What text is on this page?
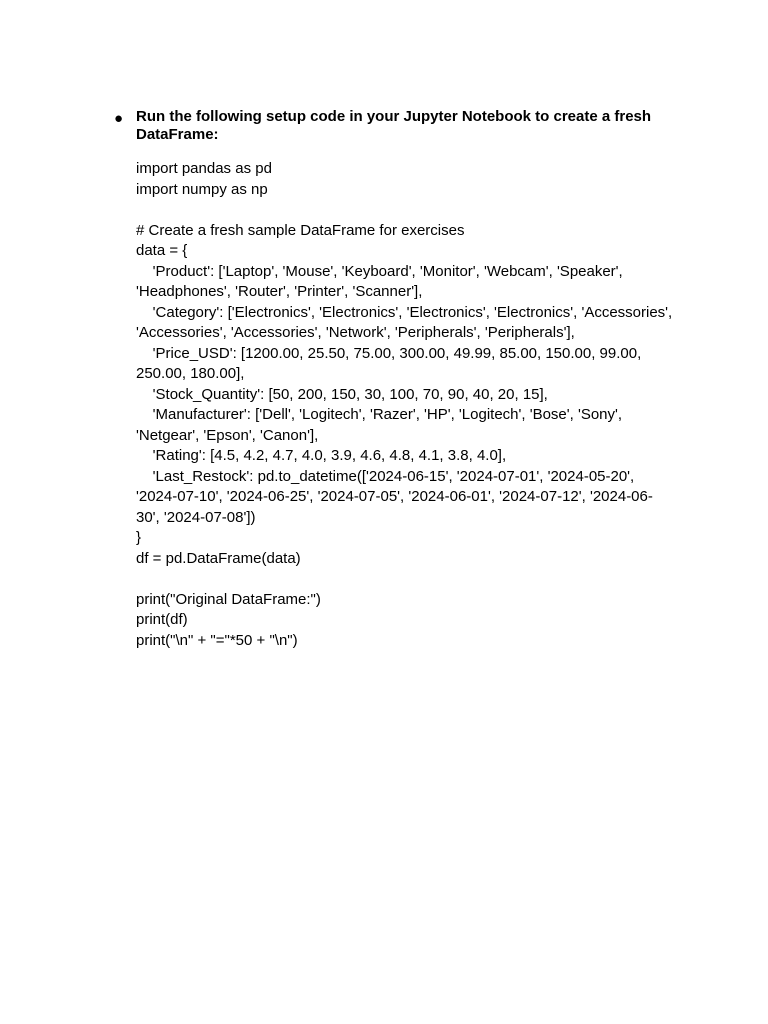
● Run the following setup code in your Jupyter Notebook to create a fresh
DataFrame:
import pandas as pd
import numpy as np
# Create a fresh sample DataFrame for exercises
data = {
'Product': ['Laptop', 'Mouse', 'Keyboard', 'Monitor', 'Webcam', 'Speaker',
'Headphones', 'Router', 'Printer', 'Scanner'],
'Category': ['Electronics', 'Electronics', 'Electronics', 'Electronics', 'Accessories',
'Accessories', 'Accessories', 'Network', 'Peripherals', 'Peripherals'],
'Price_USD': [1200.00, 25.50, 75.00, 300.00, 49.99, 85.00, 150.00, 99.00,
250.00, 180.00],
'Stock_Quantity': [50, 200, 150, 30, 100, 70, 90, 40, 20, 15],
'Manufacturer': ['Dell', 'Logitech', 'Razer', 'HP', 'Logitech', 'Bose', 'Sony',
'Netgear', 'Epson', 'Canon'],
'Rating': [4.5, 4.2, 4.7, 4.0, 3.9, 4.6, 4.8, 4.1, 3.8, 4.0],
'Last_Restock': pd.to_datetime(['2024-06-15', '2024-07-01', '2024-05-20',
'2024-07-10', '2024-06-25', '2024-07-05', '2024-06-01', '2024-07-12', '2024-06-
30', '2024-07-08'])
}
df = pd.DataFrame(data)
print("Original DataFrame:")
print(df)
print("\n" + "="*50 + "\n")
